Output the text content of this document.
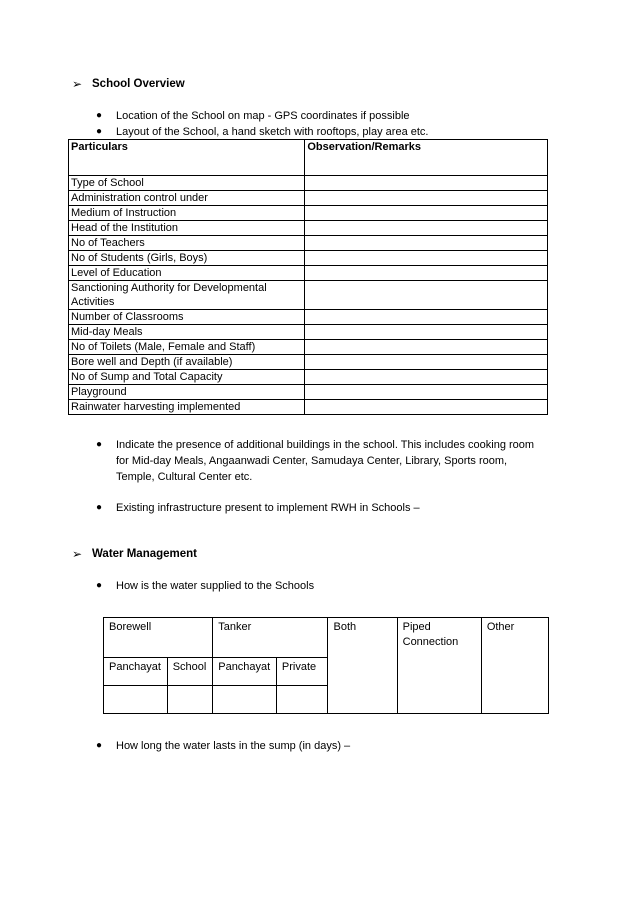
➢ School Overview
●	Location of the School on map - GPS coordinates if possible
●	Layout of the School, a hand sketch with rooftops, play area etc.
Particulars	Observation/Remarks
Type of School	
Administration control under	
Medium of Instruction	
Head of the Institution	
No of Teachers	
No of Students (Girls, Boys)	
Level of Education	
Sanctioning Authority for Developmental Activities	
Number of Classrooms	
Mid-day Meals	
No of Toilets (Male, Female and Staff)	
Bore well and Depth (if available)	
No of Sump and Total Capacity	
Playground	
Rainwater harvesting implemented	
●	Indicate the presence of additional buildings in the school. This includes cooking room for Mid-day Meals, Angaanwadi Center, Samudaya Center, Library, Sports room, Temple, Cultural Center etc.
●	Existing infrastructure present to implement RWH in Schools –
➢ Water Management
●	How is the water supplied to the Schools
Borewell		Tanker		Both	Piped Connection	Other
Panchayat	School	Panchayat	Private			

●	How long the water lasts in the sump (in days) –
